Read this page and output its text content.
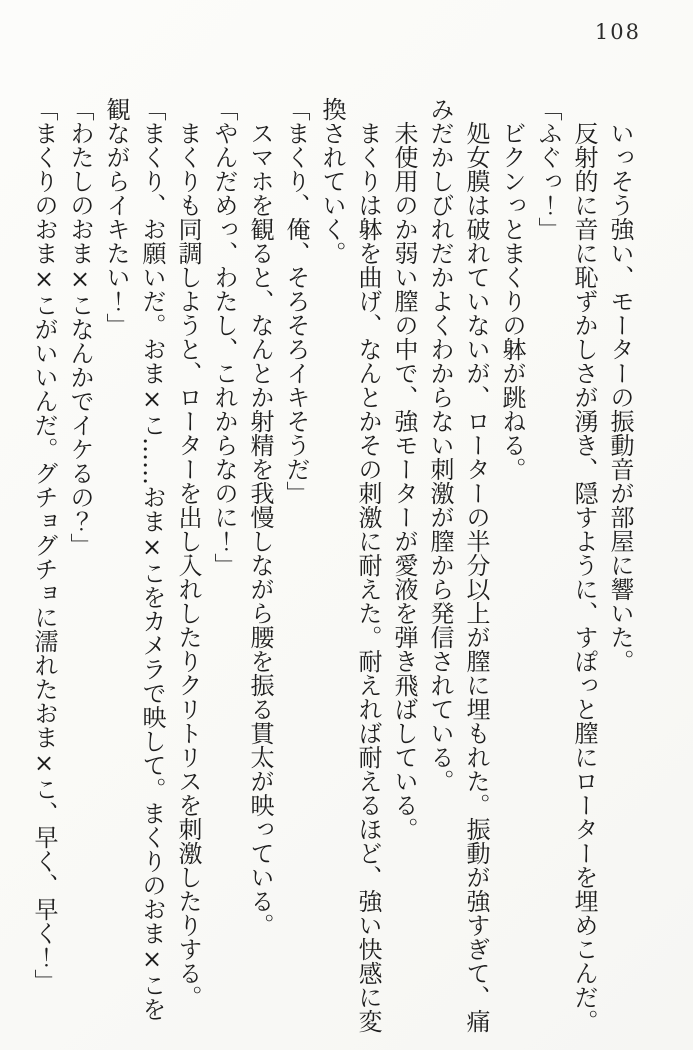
108

いっそう強い、モーターの振動音が部屋に響いた。

反射的に音に恥ずかしさが湧き、隠すように、すぽっと膣にローターを埋めこんだ。

「ふぐっ！」

ビクンっとまくりの躰が跳ねる。

処女膜は破れていないが、ローターの半分以上が膣に埋もれた。振動が強すぎて、痛みだかしびれだかよくわからない刺激が膣から発信されている。

未使用のか弱い膣の中で、強モーターが愛液を弾き飛ばしている。

まくりは躰を曲げ、なんとかその刺激に耐えた。耐えれば耐えるほど、強い快感に変換されていく。

「まくり、俺、そろそろイキそうだ」

スマホを観ると、なんとか射精を我慢しながら腰を振る貫太が映っている。

「やんだめっ、わたし、これからなのに！」

まくりも同調しようと、ローターを出し入れしたりクリトリスを刺激したりする。

「まくり、お願いだ。おま×こ……おま×こをカメラで映して。まくりのおま×こを観ながらイキたい！」

「わたしのおま×こなんかでイケるの？」

「まくりのおま×こがいいんだ。グチョグチョに濡れたおま×こ、早く、早く！」
